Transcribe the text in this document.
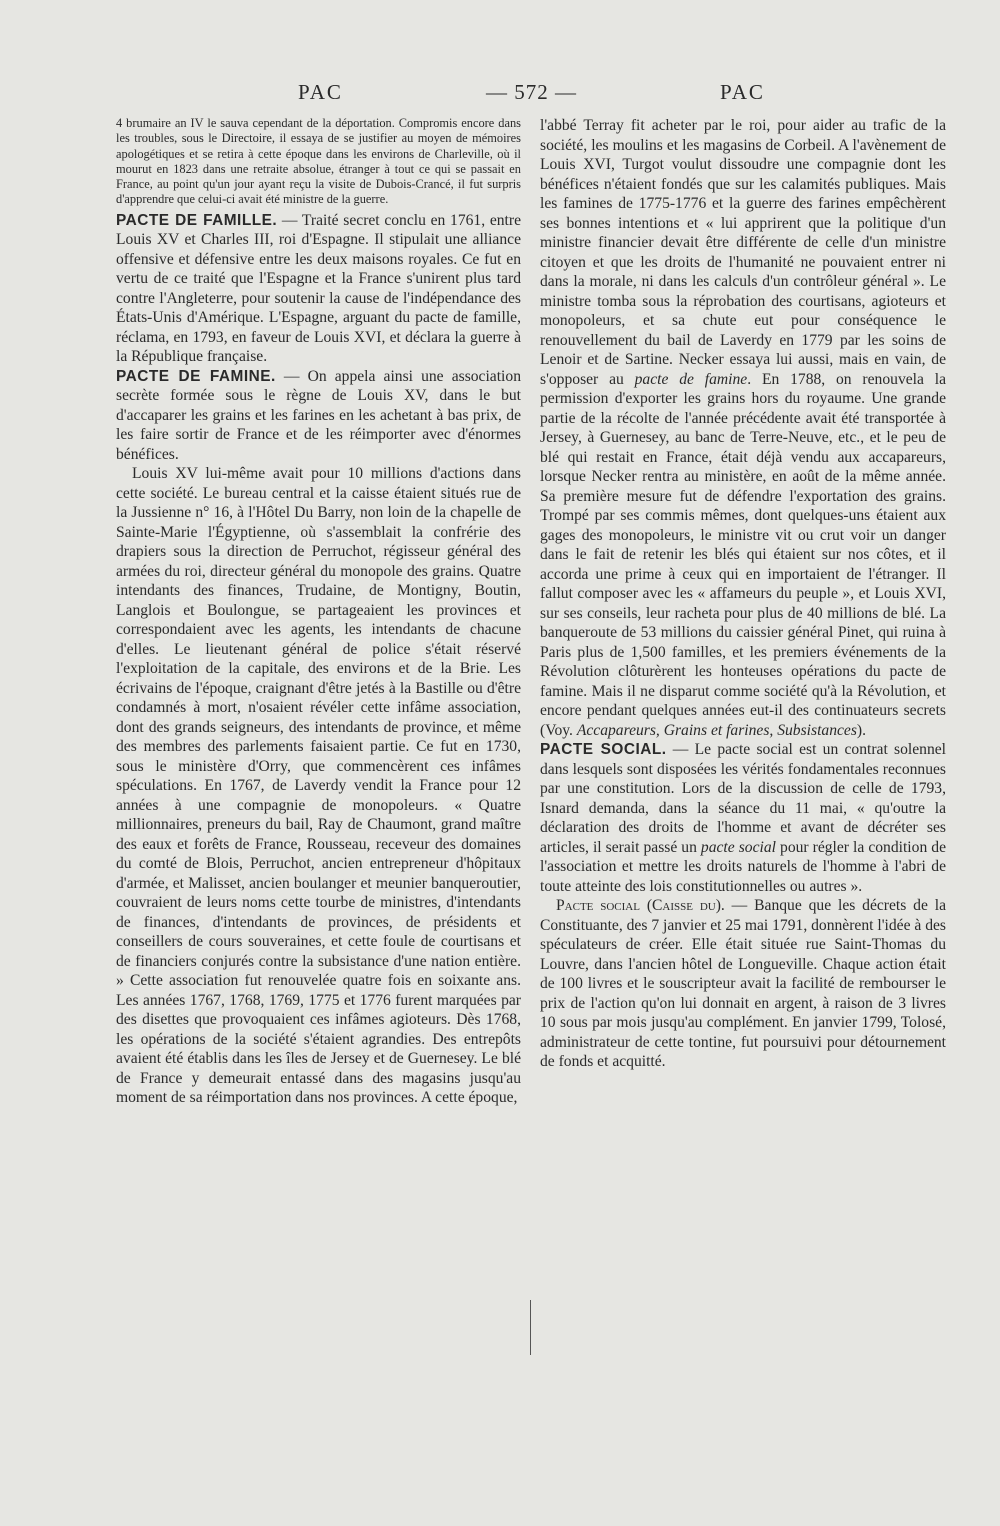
PAC	— 572 —	PAC

4 brumaire an IV le sauva cependant de la déportation. Compromis encore dans les troubles, sous le Directoire, il essaya de se justifier au moyen de mémoires apologétiques et se retira à cette époque dans les environs de Charleville, où il mourut en 1823 dans une retraite absolue, étranger à tout ce qui se passait en France, au point qu'un jour ayant reçu la visite de Dubois-Crancé, il fut surpris d'apprendre que celui-ci avait été ministre de la guerre.

PACTE DE FAMILLE. — Traité secret conclu en 1761, entre Louis XV et Charles III, roi d'Espagne. Il stipulait une alliance offensive et défensive entre les deux maisons royales. Ce fut en vertu de ce traité que l'Espagne et la France s'unirent plus tard contre l'Angleterre, pour soutenir la cause de l'indépendance des États-Unis d'Amérique. L'Espagne, arguant du pacte de famille, réclama, en 1793, en faveur de Louis XVI, et déclara la guerre à la République française.

PACTE DE FAMINE. — On appela ainsi une association secrète formée sous le règne de Louis XV, dans le but d'accaparer les grains et les farines en les achetant à bas prix, de les faire sortir de France et de les réimporter avec d'énormes bénéfices.

Louis XV lui-même avait pour 10 millions d'actions dans cette société. Le bureau central et la caisse étaient situés rue de la Jussienne n° 16, à l'Hôtel Du Barry, non loin de la chapelle de Sainte-Marie l'Égyptienne, où s'assemblait la confrérie des drapiers sous la direction de Perruchot, régisseur général des armées du roi, directeur général du monopole des grains. Quatre intendants des finances, Trudaine, de Montigny, Boutin, Langlois et Boulongue, se partageaient les provinces et correspondaient avec les agents, les intendants de chacune d'elles. Le lieutenant général de police s'était réservé l'exploitation de la capitale, des environs et de la Brie. Les écrivains de l'époque, craignant d'être jetés à la Bastille ou d'être condamnés à mort, n'osaient révéler cette infâme association, dont des grands seigneurs, des intendants de province, et même des membres des parlements faisaient partie. Ce fut en 1730, sous le ministère d'Orry, que commencèrent ces infâmes spéculations. En 1767, de Laverdy vendit la France pour 12 années à une compagnie de monopoleurs. « Quatre millionnaires, preneurs du bail, Ray de Chaumont, grand maître des eaux et forêts de France, Rousseau, receveur des domaines du comté de Blois, Perruchot, ancien entrepreneur d'hôpitaux d'armée, et Malisset, ancien boulanger et meunier banqueroutier, couvraient de leurs noms cette tourbe de ministres, d'intendants de finances, d'intendants de provinces, de présidents et conseillers de cours souveraines, et cette foule de courtisans et de financiers conjurés contre la subsistance d'une nation entière. » Cette association fut renouvelée quatre fois en soixante ans. Les années 1767, 1768, 1769, 1775 et 1776 furent marquées par des disettes que provoquaient ces infâmes agioteurs. Dès 1768, les opérations de la société s'étaient agrandies. Des entrepôts avaient été établis dans les îles de Jersey et de Guernesey. Le blé de France y demeurait entassé dans des magasins jusqu'au moment de sa réimportation dans nos provinces. A cette époque,

l'abbé Terray fit acheter par le roi, pour aider au trafic de la société, les moulins et les magasins de Corbeil. A l'avènement de Louis XVI, Turgot voulut dissoudre une compagnie dont les bénéfices n'étaient fondés que sur les calamités publiques. Mais les famines de 1775-1776 et la guerre des farines empêchèrent ses bonnes intentions et « lui apprirent que la politique d'un ministre financier devait être différente de celle d'un ministre citoyen et que les droits de l'humanité ne pouvaient entrer ni dans la morale, ni dans les calculs d'un contrôleur général ». Le ministre tomba sous la réprobation des courtisans, agioteurs et monopoleurs, et sa chute eut pour conséquence le renouvellement du bail de Laverdy en 1779 par les soins de Lenoir et de Sartine. Necker essaya lui aussi, mais en vain, de s'opposer au pacte de famine. En 1788, on renouvela la permission d'exporter les grains hors du royaume. Une grande partie de la récolte de l'année précédente avait été transportée à Jersey, à Guernesey, au banc de Terre-Neuve, etc., et le peu de blé qui restait en France, était déjà vendu aux accapareurs, lorsque Necker rentra au ministère, en août de la même année. Sa première mesure fut de défendre l'exportation des grains. Trompé par ses commis mêmes, dont quelques-uns étaient aux gages des monopoleurs, le ministre vit ou crut voir un danger dans le fait de retenir les blés qui étaient sur nos côtes, et il accorda une prime à ceux qui en importaient de l'étranger. Il fallut composer avec les « affameurs du peuple », et Louis XVI, sur ses conseils, leur racheta pour plus de 40 millions de blé. La banqueroute de 53 millions du caissier général Pinet, qui ruina à Paris plus de 1,500 familles, et les premiers événements de la Révolution clôturèrent les honteuses opérations du pacte de famine. Mais il ne disparut comme société qu'à la Révolution, et encore pendant quelques années eut-il des continuateurs secrets (Voy. Accapareurs, Grains et farines, Subsistances).

PACTE SOCIAL. — Le pacte social est un contrat solennel dans lesquels sont disposées les vérités fondamentales reconnues par une constitution. Lors de la discussion de celle de 1793, Isnard demanda, dans la séance du 11 mai, « qu'outre la déclaration des droits de l'homme et avant de décréter ses articles, il serait passé un pacte social pour régler la condition de l'association et mettre les droits naturels de l'homme à l'abri de toute atteinte des lois constitutionnelles ou autres ».

Pacte social (Caisse du). — Banque que les décrets de la Constituante, des 7 janvier et 25 mai 1791, donnèrent l'idée à des spéculateurs de créer. Elle était située rue Saint-Thomas du Louvre, dans l'ancien hôtel de Longueville. Chaque action était de 100 livres et le souscripteur avait la facilité de rembourser le prix de l'action qu'on lui donnait en argent, à raison de 3 livres 10 sous par mois jusqu'au complément. En janvier 1799, Tolosé, administrateur de cette tontine, fut poursuivi pour détournement de fonds et acquitté.
